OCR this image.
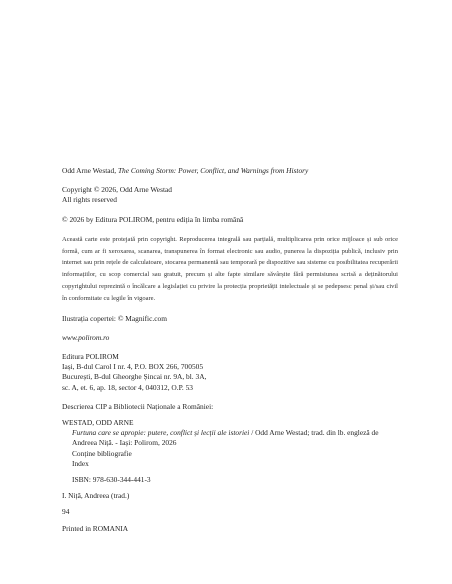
Odd Arne Westad, The Coming Storm: Power, Conflict, and Warnings from History

Copyright © 2026, Odd Arne Westad

All rights reserved

© 2026 by Editura POLIROM, pentru ediția în limba română

Această carte este protejată prin copyright. Reproducerea integrală sau parțială, multiplicarea prin orice mijloace și sub orice formă, cum ar fi xeroxarea, scanarea, transpunerea în format electronic sau audio, punerea la dispoziția publică, inclusiv prin internet sau prin rețele de calculatoare, stocarea permanentă sau temporară pe dispozitive sau sisteme cu posibilitatea recuperării informațiilor, cu scop comercial sau gratuit, precum și alte fapte similare săvârșite fără permisiunea scrisă a deținătorului copyrightului reprezintă o încălcare a legislației cu privire la protecția proprietății intelectuale și se pedepsesc penal și/sau civil în conformitate cu legile în vigoare.

Ilustrația copertei: © Magnific.com

www.polirom.ro

Editura POLIROM

Iași, B-dul Carol I nr. 4, P.O. BOX 266, 700505

București, B-dul Gheorghe Șincai nr. 9A, bl. 3A,

sc. A, et. 6, ap. 18, sector 4, 040312, O.P. 53

Descrierea CIP a Bibliotecii Naționale a României:

WESTAD, ODD ARNE

Furtuna care se apropie: putere, conflict și lecții ale istoriei / Odd Arne Westad; trad. din lb. engleză de Andreea Niță. - Iași: Polirom, 2026

Conține bibliografie

Index

ISBN: 978-630-344-441-3

I. Niță, Andreea (trad.)

94

Printed in ROMANIA
